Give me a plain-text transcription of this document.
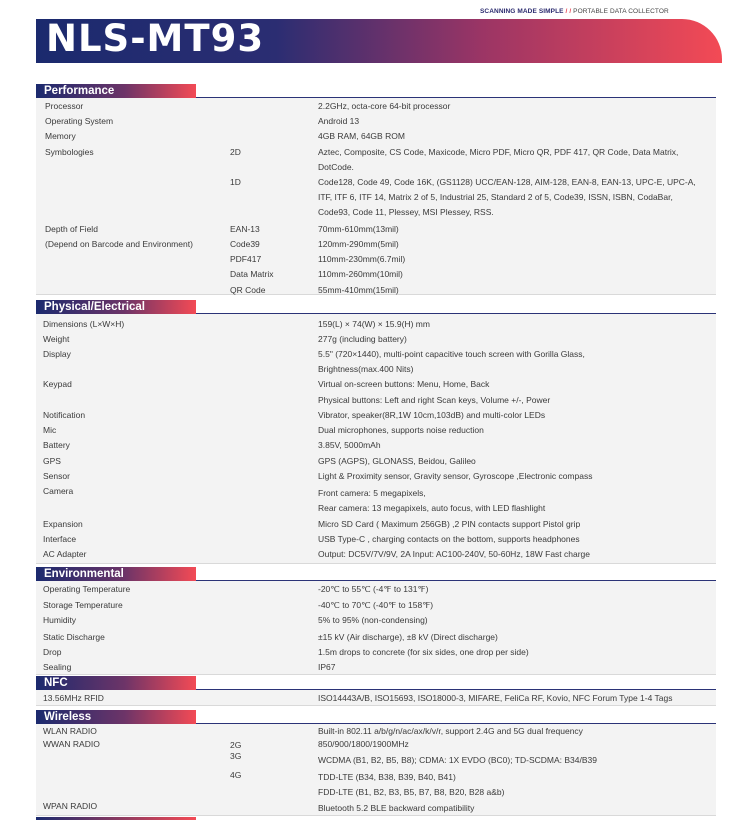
SCANNING MADE SIMPLE / / PORTABLE DATA COLLECTOR
NLS-MT93
Performance
Processor	2.2GHz, octa-core 64-bit processor
Operating System	Android 13
Memory	4GB RAM, 64GB ROM
Symbologies	2D	Aztec, Composite, CS Code, Maxicode, Micro PDF, Micro QR, PDF 417, QR Code, Data Matrix,
DotCode.
1D	Code128, Code 49, Code 16K, (GS1128) UCC/EAN-128, AIM-128, EAN-8, EAN-13, UPC-E, UPC-A,
ITF, ITF 6, ITF 14, Matrix 2 of 5, Industrial 25, Standard 2 of 5, Code39, ISSN, ISBN, CodaBar,
Code93, Code 11, Plessey, MSI Plessey, RSS.
Depth of Field
(Depend on Barcode and Environment)
EAN-13	70mm-610mm(13mil)
Code39	120mm-290mm(5mil)
PDF417	110mm-230mm(6.7mil)
Data Matrix	110mm-260mm(10mil)
QR Code	55mm-410mm(15mil)
Physical/Electrical
Dimensions (L×W×H)	159(L) × 74(W) × 15.9(H) mm
Weight	277g (including battery)
Display	5.5" (720×1440), multi-point capacitive touch screen with Gorilla Glass,
Brightness(max.400 Nits)
Keypad	Virtual on-screen buttons: Menu, Home, Back
Physical buttons: Left and right Scan keys, Volume +/-, Power
Notification	Vibrator, speaker(8R,1W 10cm,103dB) and multi-color LEDs
Mic	Dual microphones, supports noise reduction
Battery	3.85V, 5000mAh
GPS	GPS (AGPS), GLONASS, Beidou, Galileo
Sensor	Light & Proximity sensor, Gravity sensor, Gyroscope ,Electronic compass
Camera	Front camera: 5 megapixels,
Rear camera: 13 megapixels, auto focus, with LED flashlight
Expansion	Micro SD Card ( Maximum 256GB) ,2 PIN contacts support Pistol grip
Interface	USB Type-C , charging contacts on the bottom, supports headphones
AC Adapter	Output: DC5V/7V/9V, 2A Input: AC100-240V, 50-60Hz, 18W Fast charge
Environmental
Operating Temperature	-20℃ to 55℃ (-4℉ to 131℉)
Storage Temperature	-40℃ to 70℃ (-40℉ to 158℉)
Humidity	5% to 95% (non-condensing)
Static Discharge	±15 kV (Air discharge), ±8 kV (Direct discharge)
Drop	1.5m drops to concrete (for six sides, one drop per side)
Sealing	IP67
NFC
13.56MHz RFID	ISO14443A/B, ISO15693, ISO18000-3, MIFARE, FeliCa RF, Kovio, NFC Forum Type 1-4 Tags
Wireless
WLAN RADIO	Built-in 802.11 a/b/g/n/ac/ax/k/v/r, support 2.4G and 5G dual frequency
WWAN RADIO	2G	850/900/1800/1900MHz
3G	WCDMA (B1, B2, B5, B8); CDMA: 1X EVDO (BC0); TD-SCDMA: B34/B39
4G	TDD-LTE (B34, B38, B39, B40, B41)
FDD-LTE (B1, B2, B3, B5, B7, B8, B20, B28 a&b)
WPAN RADIO	Bluetooth 5.2 BLE backward compatibility
